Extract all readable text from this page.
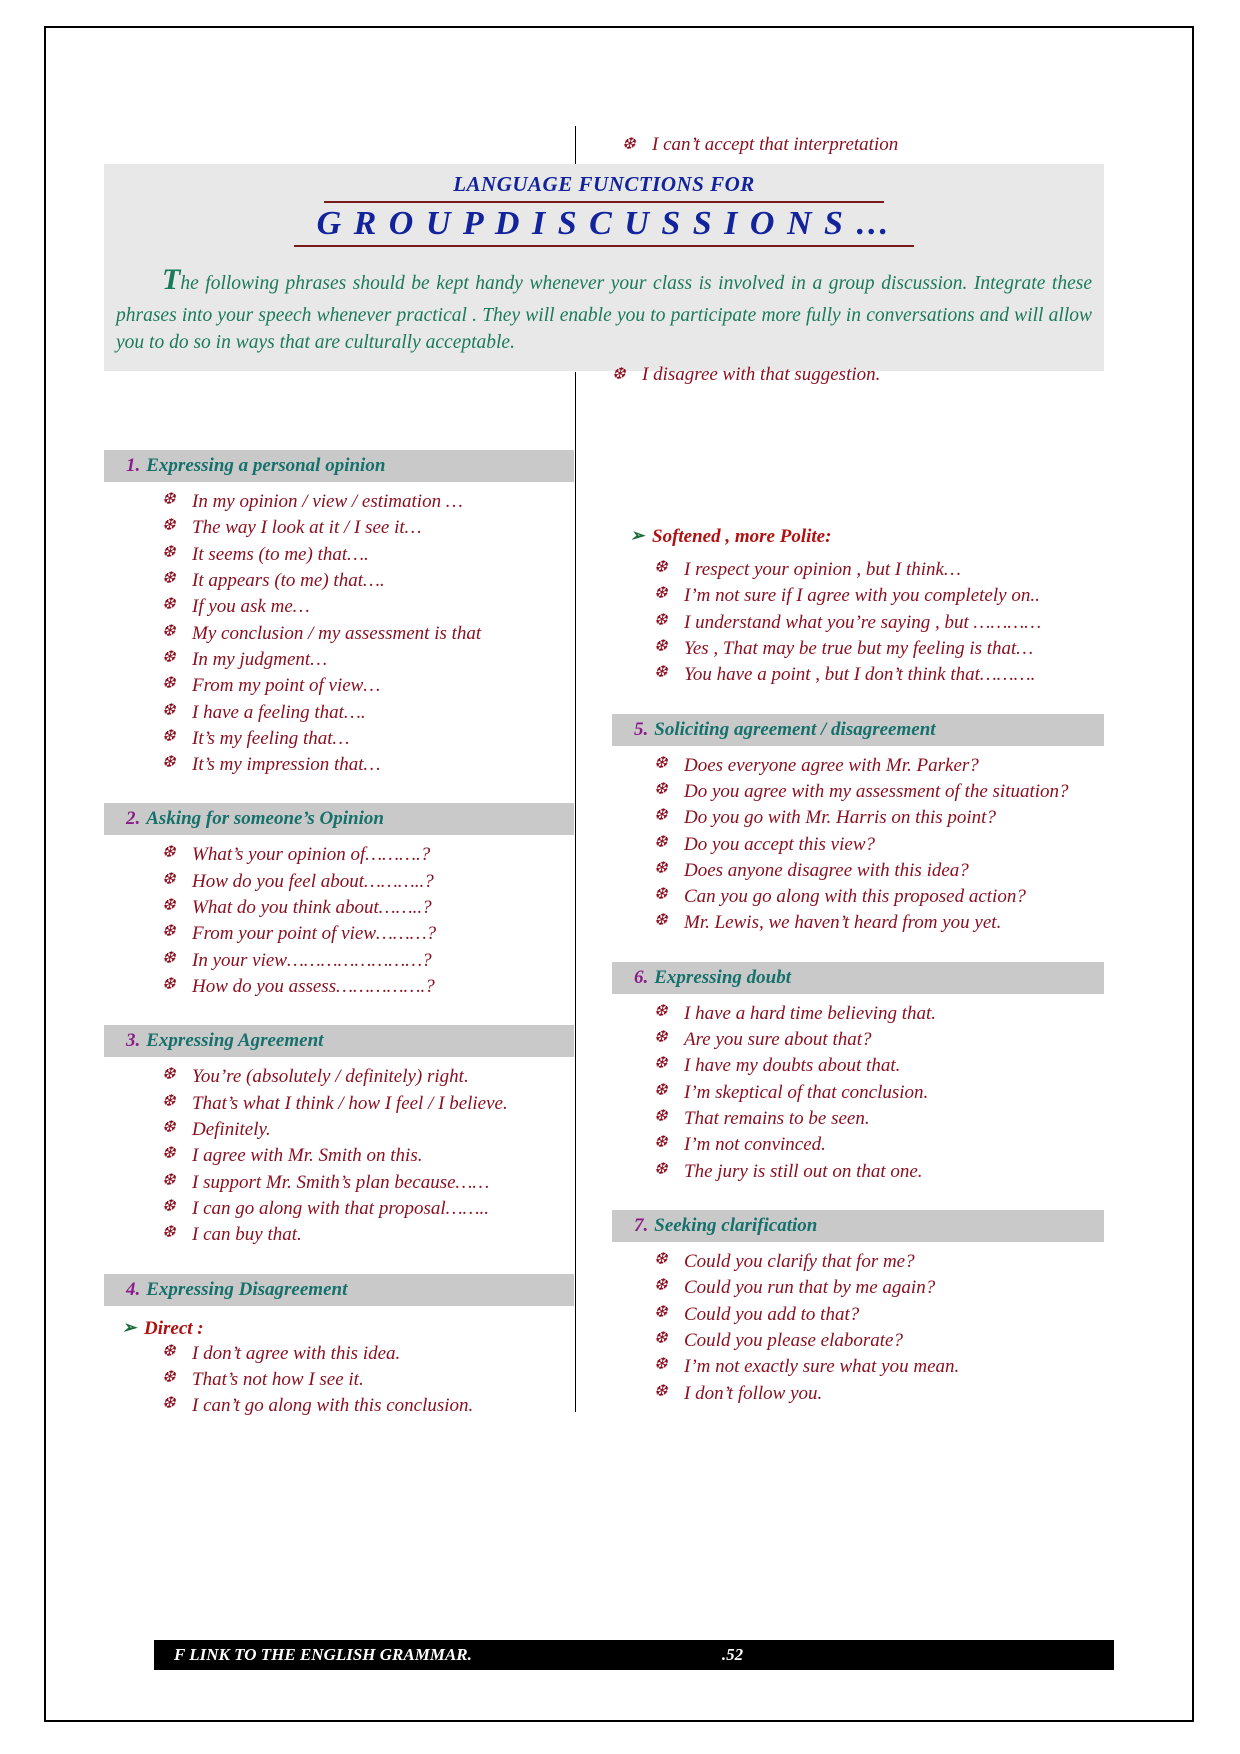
❆ I can’t accept that interpretation
LANGUAGE FUNCTIONS FOR
G R O U P D I S C U S S I O N S …
The following phrases should be kept handy whenever your class is involved in a group discussion. Integrate these phrases into your speech whenever practical . They will enable you to participate more fully in conversations and will allow you to do so in ways that are culturally acceptable.
❆ I disagree with that suggestion.
1. Expressing a personal opinion
❆ In my opinion / view / estimation …
❆ The way I look at it / I see it…
❆ It seems (to me) that….
❆ It appears (to me) that….
❆ If you ask me…
❆ My conclusion / my assessment is that
❆ In my judgment…
❆ From my point of view…
❆ I have a feeling that….
❆ It’s my feeling that…
❆ It’s my impression that…
2. Asking for someone’s Opinion
❆ What’s your opinion of……….?
❆ How do you feel about………..?
❆ What do you think about……..?
❆ From your point of view………?
❆ In your view……………………?
❆ How do you assess…………….?
3. Expressing Agreement
❆ You’re (absolutely / definitely) right.
❆ That’s what I think / how I feel / I believe.
❆ Definitely.
❆ I agree with Mr. Smith on this.
❆ I support Mr. Smith’s plan because……
❆ I can go along with that proposal……..
❆ I can buy that.
4. Expressing Disagreement
➢ Direct :
❆ I don’t agree with this idea.
❆ That’s not how I see it.
❆ I can’t go along with this conclusion.
➢ Softened , more Polite:
❆ I respect your opinion , but I think…
❆ I’m not sure if I agree with you completely on..
❆ I understand what you’re saying , but …………
❆ Yes , That may be true but my feeling is that…
❆ You have a point , but I don’t think that……….
5. Soliciting agreement / disagreement
❆ Does everyone agree with Mr. Parker?
❆ Do you agree with my assessment of the situation?
❆ Do you go with Mr. Harris on this point?
❆ Do you accept this view?
❆ Does anyone disagree with this idea?
❆ Can you go along with this proposed action?
❆ Mr. Lewis, we haven’t heard from you yet.
6. Expressing doubt
❆ I have a hard time believing that.
❆ Are you sure about that?
❆ I have my doubts about that.
❆ I’m skeptical of that conclusion.
❆ That remains to be seen.
❆ I’m not convinced.
❆ The jury is still out on that one.
7. Seeking clarification
❆ Could you clarify that for me?
❆ Could you run that by me again?
❆ Could you add to that?
❆ Could you please elaborate?
❆ I’m not exactly sure what you mean.
❆ I don’t follow you.
F LINK TO THE ENGLISH GRAMMAR.	.52
